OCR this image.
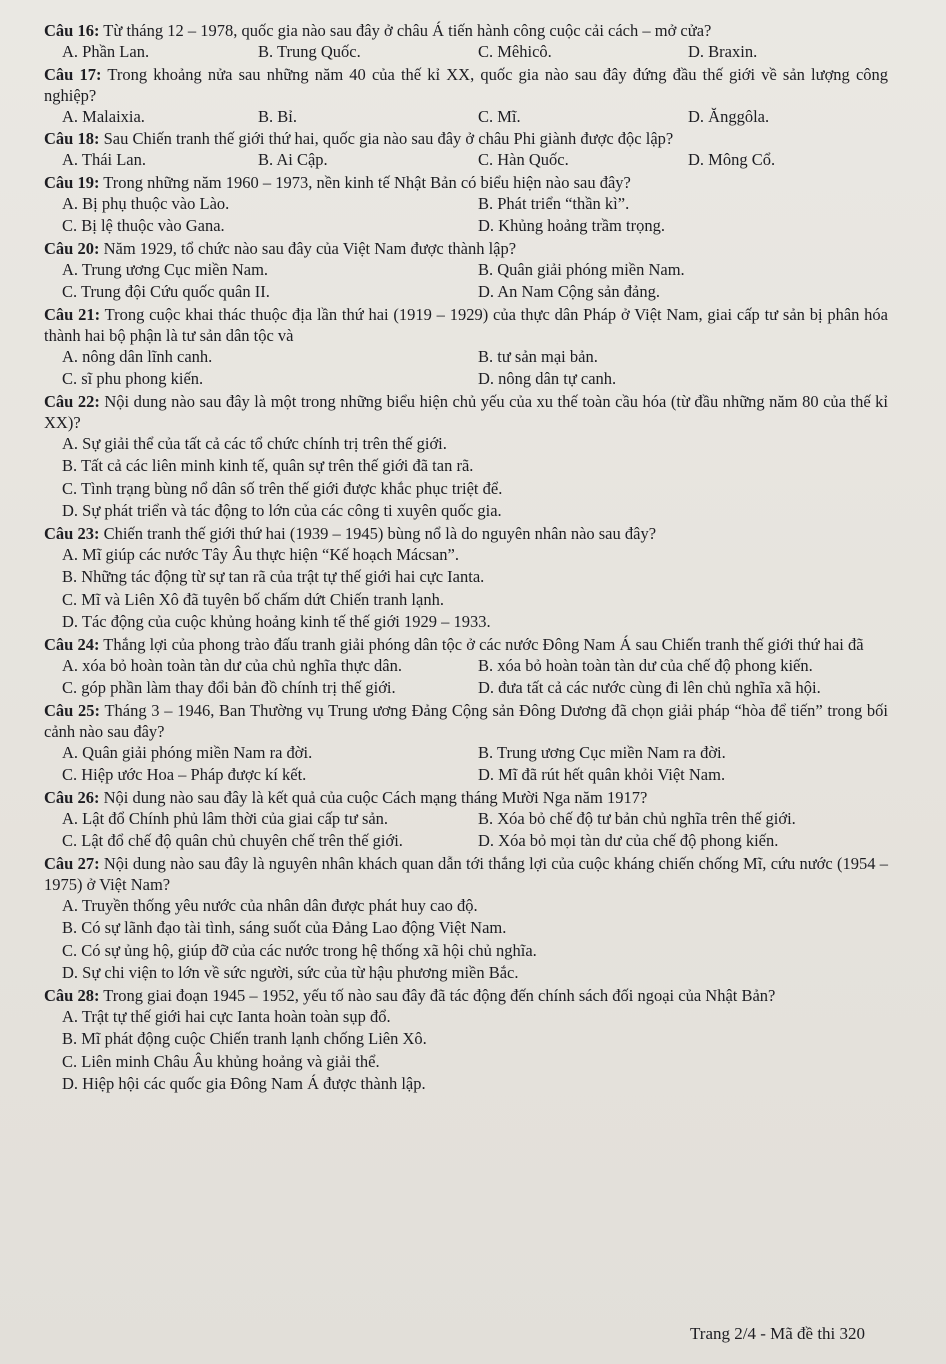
Câu 16: Từ tháng 12 – 1978, quốc gia nào sau đây ở châu Á tiến hành công cuộc cải cách – mở cửa?
A. Phần Lan.	B. Trung Quốc.	C. Mêhicô.	D. Braxin.
Câu 17: Trong khoảng nửa sau những năm 40 của thế kỉ XX, quốc gia nào sau đây đứng đầu thế giới về sản lượng công nghiệp?
A. Malaixia.	B. Bỉ.	C. Mĩ.	D. Ănggôla.
Câu 18: Sau Chiến tranh thế giới thứ hai, quốc gia nào sau đây ở châu Phi giành được độc lập?
A. Thái Lan.	B. Ai Cập.	C. Hàn Quốc.	D. Mông Cổ.
Câu 19: Trong những năm 1960 – 1973, nền kinh tế Nhật Bản có biểu hiện nào sau đây?
A. Bị phụ thuộc vào Lào.	B. Phát triển “thần kì”.
C. Bị lệ thuộc vào Gana.	D. Khủng hoảng trầm trọng.
Câu 20: Năm 1929, tổ chức nào sau đây của Việt Nam được thành lập?
A. Trung ương Cục miền Nam.	B. Quân giải phóng miền Nam.
C. Trung đội Cứu quốc quân II.	D. An Nam Cộng sản đảng.
Câu 21: Trong cuộc khai thác thuộc địa lần thứ hai (1919 – 1929) của thực dân Pháp ở Việt Nam, giai cấp tư sản bị phân hóa thành hai bộ phận là tư sản dân tộc và
A. nông dân lĩnh canh.	B. tư sản mại bản.
C. sĩ phu phong kiến.	D. nông dân tự canh.
Câu 22: Nội dung nào sau đây là một trong những biểu hiện chủ yếu của xu thế toàn cầu hóa (từ đầu những năm 80 của thế kỉ XX)?
A. Sự giải thể của tất cả các tổ chức chính trị trên thế giới.
B. Tất cả các liên minh kinh tế, quân sự trên thế giới đã tan rã.
C. Tình trạng bùng nổ dân số trên thế giới được khắc phục triệt để.
D. Sự phát triển và tác động to lớn của các công ti xuyên quốc gia.
Câu 23: Chiến tranh thế giới thứ hai (1939 – 1945) bùng nổ là do nguyên nhân nào sau đây?
A. Mĩ giúp các nước Tây Âu thực hiện “Kế hoạch Mácsan”.
B. Những tác động từ sự tan rã của trật tự thế giới hai cực Ianta.
C. Mĩ và Liên Xô đã tuyên bố chấm dứt Chiến tranh lạnh.
D. Tác động của cuộc khủng hoảng kinh tế thế giới 1929 – 1933.
Câu 24: Thắng lợi của phong trào đấu tranh giải phóng dân tộc ở các nước Đông Nam Á sau Chiến tranh thế giới thứ hai đã
A. xóa bỏ hoàn toàn tàn dư của chủ nghĩa thực dân.	B. xóa bỏ hoàn toàn tàn dư của chế độ phong kiến.
C. góp phần làm thay đổi bản đồ chính trị thế giới.	D. đưa tất cả các nước cùng đi lên chủ nghĩa xã hội.
Câu 25: Tháng 3 – 1946, Ban Thường vụ Trung ương Đảng Cộng sản Đông Dương đã chọn giải pháp “hòa để tiến” trong bối cảnh nào sau đây?
A. Quân giải phóng miền Nam ra đời.	B. Trung ương Cục miền Nam ra đời.
C. Hiệp ước Hoa – Pháp được kí kết.	D. Mĩ đã rút hết quân khỏi Việt Nam.
Câu 26: Nội dung nào sau đây là kết quả của cuộc Cách mạng tháng Mười Nga năm 1917?
A. Lật đổ Chính phủ lâm thời của giai cấp tư sản.	B. Xóa bỏ chế độ tư bản chủ nghĩa trên thế giới.
C. Lật đổ chế độ quân chủ chuyên chế trên thế giới.	D. Xóa bỏ mọi tàn dư của chế độ phong kiến.
Câu 27: Nội dung nào sau đây là nguyên nhân khách quan dẫn tới thắng lợi của cuộc kháng chiến chống Mĩ, cứu nước (1954 – 1975) ở Việt Nam?
A. Truyền thống yêu nước của nhân dân được phát huy cao độ.
B. Có sự lãnh đạo tài tình, sáng suốt của Đảng Lao động Việt Nam.
C. Có sự ủng hộ, giúp đỡ của các nước trong hệ thống xã hội chủ nghĩa.
D. Sự chi viện to lớn về sức người, sức của từ hậu phương miền Bắc.
Câu 28: Trong giai đoạn 1945 – 1952, yếu tố nào sau đây đã tác động đến chính sách đối ngoại của Nhật Bản?
A. Trật tự thế giới hai cực Ianta hoàn toàn sụp đổ.
B. Mĩ phát động cuộc Chiến tranh lạnh chống Liên Xô.
C. Liên minh Châu Âu khủng hoảng và giải thể.
D. Hiệp hội các quốc gia Đông Nam Á được thành lập.
Trang 2/4 - Mã đề thi 320
